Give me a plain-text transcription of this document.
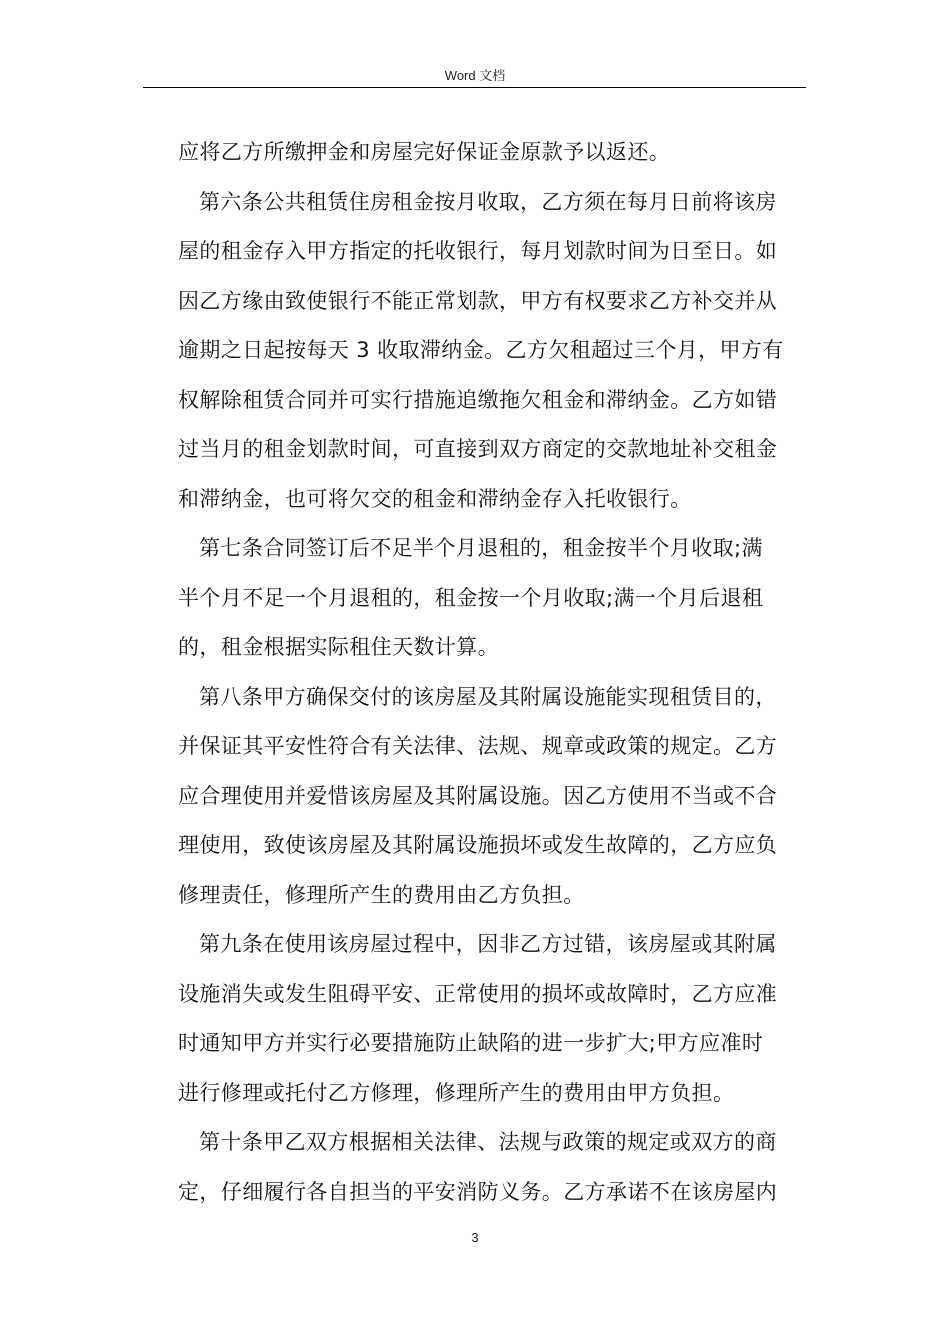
Word 文档
应将乙方所缴押金和房屋完好保证金原款予以返还。
第六条公共租赁住房租金按月收取，乙方须在每月日前将该房
屋的租金存入甲方指定的托收银行，每月划款时间为日至日。如
因乙方缘由致使银行不能正常划款，甲方有权要求乙方补交并从
逾期之日起按每天 3 收取滞纳金。乙方欠租超过三个月，甲方有
权解除租赁合同并可实行措施追缴拖欠租金和滞纳金。乙方如错
过当月的租金划款时间，可直接到双方商定的交款地址补交租金
和滞纳金，也可将欠交的租金和滞纳金存入托收银行。
第七条合同签订后不足半个月退租的，租金按半个月收取;满
半个月不足一个月退租的，租金按一个月收取;满一个月后退租
的，租金根据实际租住天数计算。
第八条甲方确保交付的该房屋及其附属设施能实现租赁目的，
并保证其平安性符合有关法律、法规、规章或政策的规定。乙方
应合理使用并爱惜该房屋及其附属设施。因乙方使用不当或不合
理使用，致使该房屋及其附属设施损坏或发生故障的，乙方应负
修理责任，修理所产生的费用由乙方负担。
第九条在使用该房屋过程中，因非乙方过错，该房屋或其附属
设施消失或发生阻碍平安、正常使用的损坏或故障时，乙方应准
时通知甲方并实行必要措施防止缺陷的进一步扩大;甲方应准时
进行修理或托付乙方修理，修理所产生的费用由甲方负担。
第十条甲乙双方根据相关法律、法规与政策的规定或双方的商
定，仔细履行各自担当的平安消防义务。乙方承诺不在该房屋内
3
